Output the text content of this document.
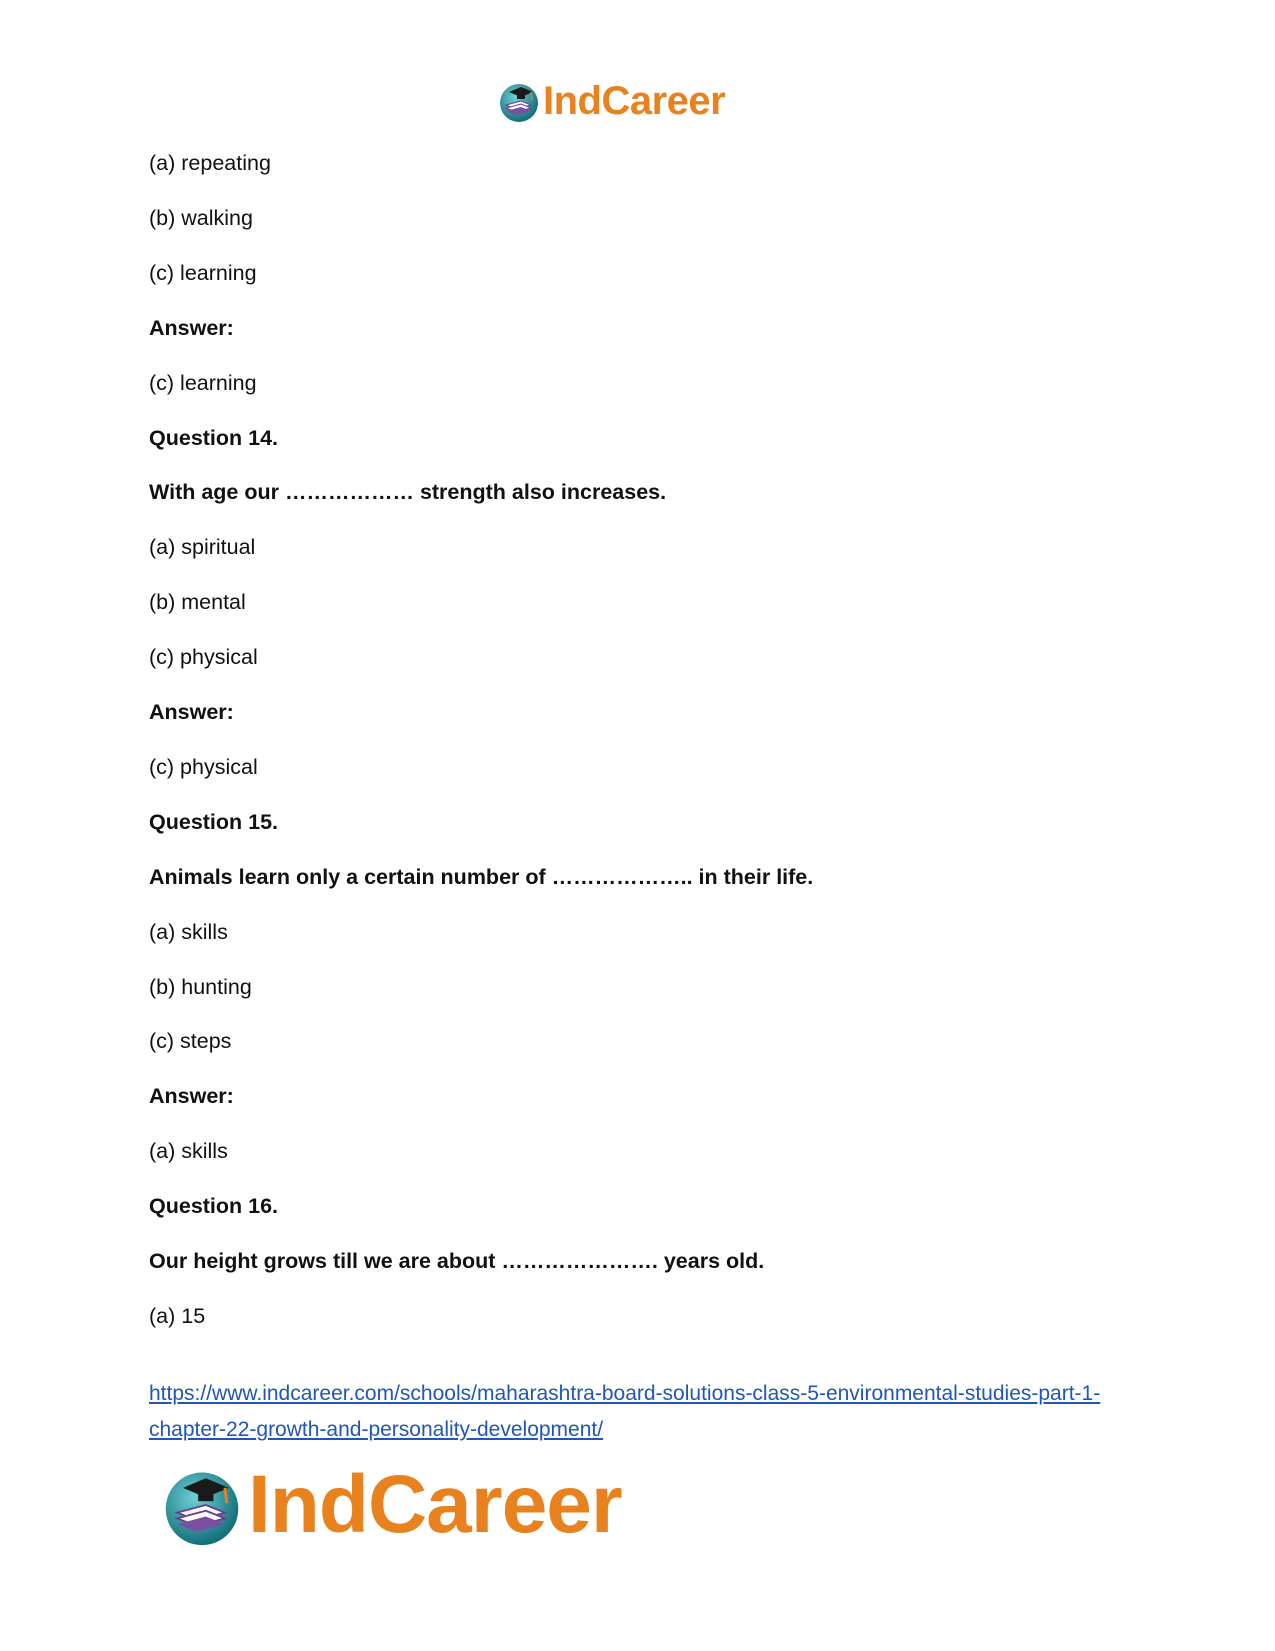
IndCareer
(a) repeating
(b) walking
(c) learning
Answer:
(c) learning
Question 14.
With age our ……………… strength also increases.
(a) spiritual
(b) mental
(c) physical
Answer:
(c) physical
Question 15.
Animals learn only a certain number of ……………….. in their life.
(a) skills
(b) hunting
(c) steps
Answer:
(a) skills
Question 16.
Our height grows till we are about …………………. years old.
(a) 15
https://www.indcareer.com/schools/maharashtra-board-solutions-class-5-environmental-studies-part-1-chapter-22-growth-and-personality-development/
IndCareer
